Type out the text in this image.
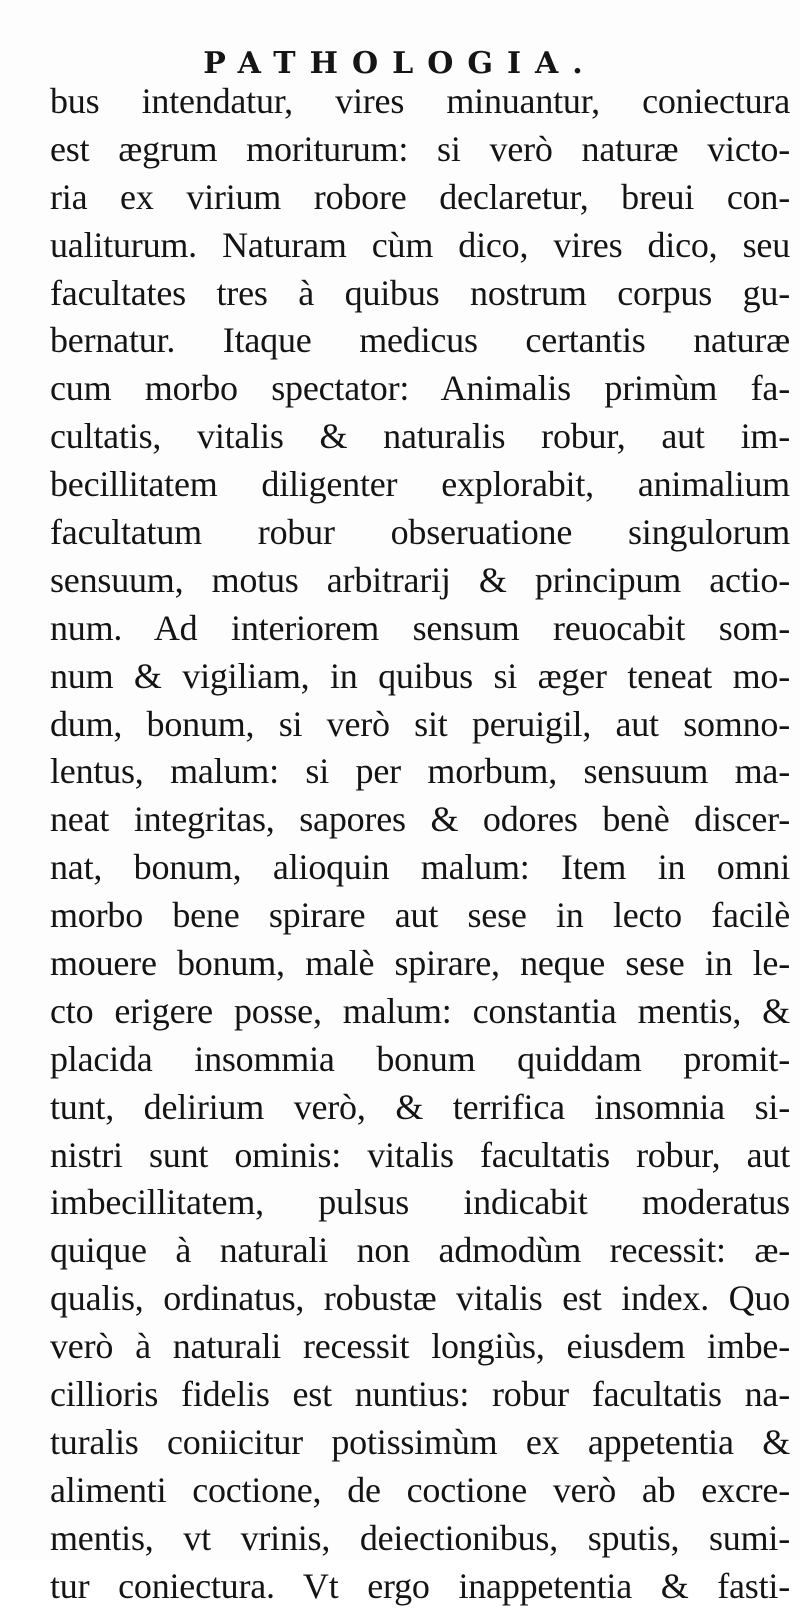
PATHOLOGIA.
bus intendatur, vires minuantur, coniectura
est ægrum moriturum: si verò naturæ victo-
ria ex virium robore declaretur, breui con-
ualiturum. Naturam cùm dico, vires dico, seu
facultates tres à quibus nostrum corpus gu-
bernatur. Itaque medicus certantis naturæ
cum morbo spectator: Animalis primùm fa-
cultatis, vitalis & naturalis robur, aut im-
becillitatem diligenter explorabit, animalium
facultatum robur obseruatione singulorum
sensuum, motus arbitrarij & principum actio-
num. Ad interiorem sensum reuocabit som-
num & vigiliam, in quibus si æger teneat mo-
dum, bonum, si verò sit peruigil, aut somno-
lentus, malum: si per morbum, sensuum ma-
neat integritas, sapores & odores benè discer-
nat, bonum, alioquin malum: Item in omni
morbo bene spirare aut sese in lecto facilè
mouere bonum, malè spirare, neque sese in le-
cto erigere posse, malum: constantia mentis, &
placida insommia bonum quiddam promit-
tunt, delirium verò, & terrifica insomnia si-
nistri sunt ominis: vitalis facultatis robur, aut
imbecillitatem, pulsus indicabit moderatus
quique à naturali non admodùm recessit: æ-
qualis, ordinatus, robustæ vitalis est index. Quo
verò à naturali recessit longiùs, eiusdem imbe-
cillioris fidelis est nuntius: robur facultatis na-
turalis coniicitur potissimùm ex appetentia &
alimenti coctione, de coctione verò ab excre-
mentis, vt vrinis, deiectionibus, sputis, sumi-
tur coniectura. Vt ergo inappetentia & fasti-
